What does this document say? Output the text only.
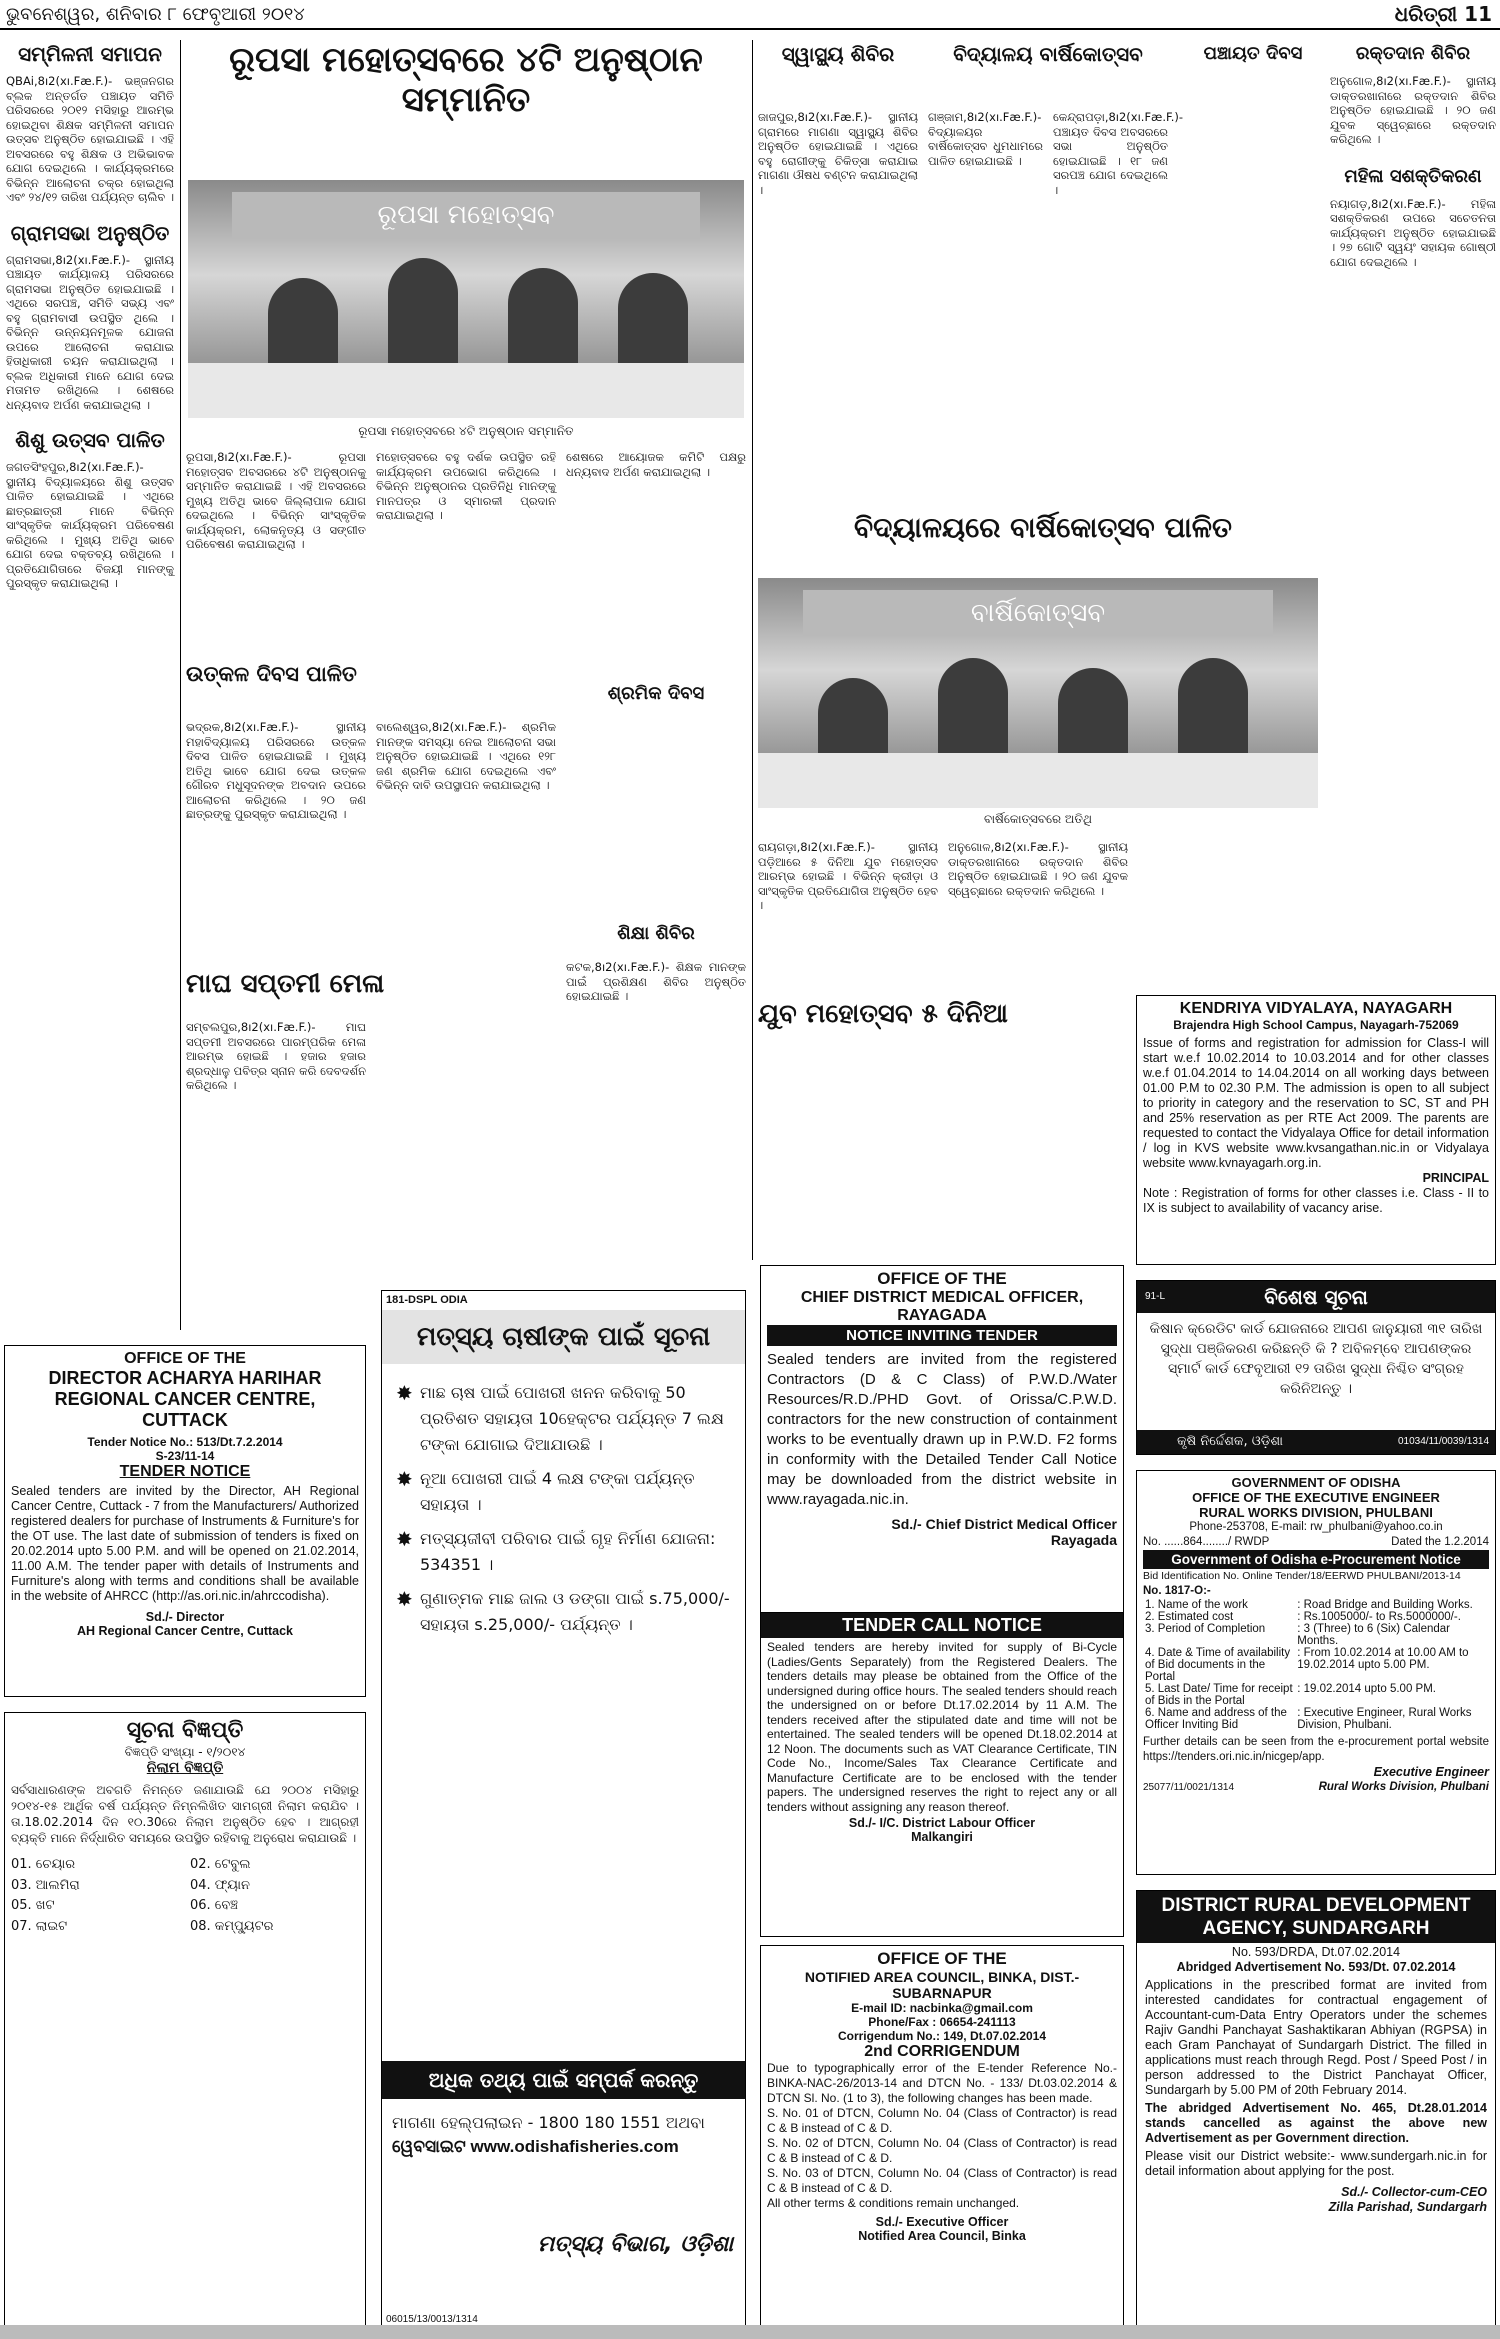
ଭୁବନେଶ୍ୱର, ଶନିବାର ୮ ଫେବୃଆରୀ ୨୦୧୪	ଧରିତ୍ରୀ 11
ସମ୍ମିଳନୀ ସମାପନ
QBAi,8ı2(xı.Fæ.F.)- ଭଞ୍ଜନଗର ବ୍ଲକ ଅନ୍ତର୍ଗତ ପଞ୍ଚାୟତ ସମିତି ପରିସରରେ ୨୦୧୨ ମସିହାରୁ ଆରମ୍ଭ ହୋଇଥିବା ଶିକ୍ଷକ ସମ୍ମିଳନୀ ସମାପନ ଉତ୍ସବ ଅନୁଷ୍ଠିତ ହୋଇଯାଇଛି । ଏହି ଅବସରରେ ବହୁ ଶିକ୍ଷକ ଓ ଅଭିଭାବକ ଯୋଗ ଦେଇଥିଲେ । କାର୍ଯ୍ୟକ୍ରମରେ ବିଭିନ୍ନ ଆଲୋଚନା ଚକ୍ର ହୋଇଥିଲା ଏବଂ ୨୪/୧୨ ତାରିଖ ପର୍ଯ୍ୟନ୍ତ ଚାଲିବ ।
ଗ୍ରାମସଭା ଅନୁଷ୍ଠିତ
ଗ୍ରାମସଭା,8ı2(xı.Fæ.F.)- ସ୍ଥାନୀୟ ପଞ୍ଚାୟତ କାର୍ଯ୍ୟାଳୟ ପରିସରରେ ଗ୍ରାମସଭା ଅନୁଷ୍ଠିତ ହୋଇଯାଇଛି । ଏଥିରେ ସରପଞ୍ଚ, ସମିତି ସଭ୍ୟ ଏବଂ ବହୁ ଗ୍ରାମବାସୀ ଉପସ୍ଥିତ ଥିଲେ । ବିଭିନ୍ନ ଉନ୍ନୟନମୂଳକ ଯୋଜନା ଉପରେ ଆଲୋଚନା କରାଯାଇ ହିତାଧିକାରୀ ଚୟନ କରାଯାଇଥିଲା । ବ୍ଲକ ଅଧିକାରୀ ମାନେ ଯୋଗ ଦେଇ ମତାମତ ରଖିଥିଲେ । ଶେଷରେ ଧନ୍ୟବାଦ ଅର୍ପଣ କରାଯାଇଥିଲା ।
ଶିଶୁ ଉତ୍ସବ ପାଳିତ
ଜଗତସିଂହପୁର,8ı2(xı.Fæ.F.)- ସ୍ଥାନୀୟ ବିଦ୍ୟାଳୟରେ ଶିଶୁ ଉତ୍ସବ ପାଳିତ ହୋଇଯାଇଛି । ଏଥିରେ ଛାତ୍ରଛାତ୍ରୀ ମାନେ ବିଭିନ୍ନ ସାଂସ୍କୃତିକ କାର୍ଯ୍ୟକ୍ରମ ପରିବେଷଣ କରିଥିଲେ । ମୁଖ୍ୟ ଅତିଥି ଭାବେ ଯୋଗ ଦେଇ ବକ୍ତବ୍ୟ ରଖିଥିଲେ । ପ୍ରତିଯୋଗିତାରେ ବିଜୟୀ ମାନଙ୍କୁ ପୁରସ୍କୃତ କରାଯାଇଥିଲା ।
ରୂପସା ମହୋତ୍ସବରେ ୪ଟି ଅନୁଷ୍ଠାନ ସମ୍ମାନିତ
ରୂପସା ମହୋତ୍ସବ
ରୂପସା ମହୋତ୍ସବରେ ୪ଟି ଅନୁଷ୍ଠାନ ସମ୍ମାନିତ
ରୂପସା,8ı2(xı.Fæ.F.)- ରୂପସା ମହୋତ୍ସବ ଅବସରରେ ୪ଟି ଅନୁଷ୍ଠାନକୁ ସମ୍ମାନିତ କରାଯାଇଛି । ଏହି ଅବସରରେ ମୁଖ୍ୟ ଅତିଥି ଭାବେ ଜିଲ୍ଲାପାଳ ଯୋଗ ଦେଇଥିଲେ । ବିଭିନ୍ନ ସାଂସ୍କୃତିକ କାର୍ଯ୍ୟକ୍ରମ, ଲୋକନୃତ୍ୟ ଓ ସଙ୍ଗୀତ ପରିବେଷଣ କରାଯାଇଥିଲା ।
ମହୋତ୍ସବରେ ବହୁ ଦର୍ଶକ ଉପସ୍ଥିତ ରହି କାର୍ଯ୍ୟକ୍ରମ ଉପଭୋଗ କରିଥିଲେ । ବିଭିନ୍ନ ଅନୁଷ୍ଠାନର ପ୍ରତିନିଧି ମାନଙ୍କୁ ମାନପତ୍ର ଓ ସ୍ମାରକୀ ପ୍ରଦାନ କରାଯାଇଥିଲା ।
ଶେଷରେ ଆୟୋଜକ କମିଟି ପକ୍ଷରୁ ଧନ୍ୟବାଦ ଅର୍ପଣ କରାଯାଇଥିଲା ।
ଉତ୍କଳ ଦିବସ ପାଳିତ
ଭଦ୍ରକ,8ı2(xı.Fæ.F.)- ସ୍ଥାନୀୟ ମହାବିଦ୍ୟାଳୟ ପରିସରରେ ଉତ୍କଳ ଦିବସ ପାଳିତ ହୋଇଯାଇଛି । ମୁଖ୍ୟ ଅତିଥି ଭାବେ ଯୋଗ ଦେଇ ଉତ୍କଳ ଗୌରବ ମଧୁସୂଦନଙ୍କ ଅବଦାନ ଉପରେ ଆଲୋଚନା କରିଥିଲେ । ୨୦ ଜଣ ଛାତ୍ରଙ୍କୁ ପୁରସ୍କୃତ କରାଯାଇଥିଲା ।
ବାଲେଶ୍ୱର,8ı2(xı.Fæ.F.)- ଶ୍ରମିକ ମାନଙ୍କ ସମସ୍ୟା ନେଇ ଆଲୋଚନା ସଭା ଅନୁଷ୍ଠିତ ହୋଇଯାଇଛି । ଏଥିରେ ୧୨୮ ଜଣ ଶ୍ରମିକ ଯୋଗ ଦେଇଥିଲେ ଏବଂ ବିଭିନ୍ନ ଦାବି ଉପସ୍ଥାପନ କରାଯାଇଥିଲା ।
ଶ୍ରମିକ ଦିବସ
ମାଘ ସପ୍ତମୀ ମେଳା
ସମ୍ବଲପୁର,8ı2(xı.Fæ.F.)- ମାଘ ସପ୍ତମୀ ଅବସରରେ ପାରମ୍ପରିକ ମେଳା ଆରମ୍ଭ ହୋଇଛି । ହଜାର ହଜାର ଶ୍ରଦ୍ଧାଳୁ ପବିତ୍ର ସ୍ନାନ କରି ଦେବଦର୍ଶନ କରିଥିଲେ ।
ଶିକ୍ଷା ଶିବିର
କଟକ,8ı2(xı.Fæ.F.)- ଶିକ୍ଷକ ମାନଙ୍କ ପାଇଁ ପ୍ରଶିକ୍ଷଣ ଶିବିର ଅନୁଷ୍ଠିତ ହୋଇଯାଇଛି ।
ସ୍ୱାସ୍ଥ୍ୟ ଶିବିର
ଜାଜପୁର,8ı2(xı.Fæ.F.)- ସ୍ଥାନୀୟ ଗ୍ରାମରେ ମାଗଣା ସ୍ୱାସ୍ଥ୍ୟ ଶିବିର ଅନୁଷ୍ଠିତ ହୋଇଯାଇଛି । ଏଥିରେ ବହୁ ରୋଗୀଙ୍କୁ ଚିକିତ୍ସା କରାଯାଇ ମାଗଣା ଔଷଧ ବଣ୍ଟନ କରାଯାଇଥିଲା ।
ବିଦ୍ୟାଳୟ ବାର୍ଷିକୋତ୍ସବ
ଗଞ୍ଜାମ,8ı2(xı.Fæ.F.)- ବିଦ୍ୟାଳୟର ବାର୍ଷିକୋତ୍ସବ ଧୁମଧାମରେ ପାଳିତ ହୋଇଯାଇଛି ।
କେନ୍ଦ୍ରାପଡ଼ା,8ı2(xı.Fæ.F.)- ପଞ୍ଚାୟତ ଦିବସ ଅବସରରେ ସଭା ଅନୁଷ୍ଠିତ ହୋଇଯାଇଛି । ୧୮ ଜଣ ସରପଞ୍ଚ ଯୋଗ ଦେଇଥିଲେ ।
ପଞ୍ଚାୟତ ଦିବସ
ବିଦ୍ୟାଳୟରେ ବାର୍ଷିକୋତ୍ସବ ପାଳିତ
ବାର୍ଷିକୋତ୍ସବ
ବାର୍ଷିକୋତ୍ସବରେ ଅତିଥି
ରାୟଗଡ଼ା,8ı2(xı.Fæ.F.)- ସ୍ଥାନୀୟ ପଡ଼ିଆରେ ୫ ଦିନିଆ ଯୁବ ମହୋତ୍ସବ ଆରମ୍ଭ ହୋଇଛି । ବିଭିନ୍ନ କ୍ରୀଡ଼ା ଓ ସାଂସ୍କୃତିକ ପ୍ରତିଯୋଗିତା ଅନୁଷ୍ଠିତ ହେବ ।
ଅନୁଗୋଳ,8ı2(xı.Fæ.F.)- ସ୍ଥାନୀୟ ଡାକ୍ତରଖାନାରେ ରକ୍ତଦାନ ଶିବିର ଅନୁଷ୍ଠିତ ହୋଇଯାଇଛି । ୨୦ ଜଣ ଯୁବକ ସ୍ୱେଚ୍ଛାରେ ରକ୍ତଦାନ କରିଥିଲେ ।
ଯୁବ ମହୋତ୍ସବ ୫ ଦିନିଆ
ରକ୍ତଦାନ ଶିବିର
ଅନୁଗୋଳ,8ı2(xı.Fæ.F.)- ସ୍ଥାନୀୟ ଡାକ୍ତରଖାନାରେ ରକ୍ତଦାନ ଶିବିର ଅନୁଷ୍ଠିତ ହୋଇଯାଇଛି । ୨୦ ଜଣ ଯୁବକ ସ୍ୱେଚ୍ଛାରେ ରକ୍ତଦାନ କରିଥିଲେ ।
ମହିଳା ସଶକ୍ତିକରଣ
ନୟାଗଡ଼,8ı2(xı.Fæ.F.)- ମହିଳା ସଶକ୍ତିକରଣ ଉପରେ ସଚେତନତା କାର୍ଯ୍ୟକ୍ରମ ଅନୁଷ୍ଠିତ ହୋଇଯାଇଛି । ୨୭ ଗୋଟି ସ୍ୱୟଂ ସହାୟକ ଗୋଷ୍ଠୀ ଯୋଗ ଦେଇଥିଲେ ।
KENDRIYA VIDYALAYA, NAYAGARH
Brajendra High School Campus, Nayagarh-752069
Issue of forms and registration for admission for Class-I will start w.e.f 10.02.2014 to 10.03.2014 and for other classes w.e.f 01.04.2014 to 14.04.2014 on all working days between 01.00 P.M to 02.30 P.M. The admission is open to all subject to priority in category and the reservation to SC, ST and PH and 25% reservation as per RTE Act 2009. The parents are requested to contact the Vidyalaya Office for detail information / log in KVS website www.kvsangathan.nic.in or Vidyalaya website www.kvnayagarh.org.in.
PRINCIPAL
Note : Registration of forms for other classes i.e. Class - II to IX is subject to availability of vacancy arise.
91-L	ବିଶେଷ ସୂଚନା
କିଷାନ କ୍ରେଡିଟ କାର୍ଡ ଯୋଜନାରେ ଆପଣ ଜାନୁୟାରୀ ୩୧ ତାରିଖ ସୁଦ୍ଧା ପଞ୍ଜିକରଣ କରିଛନ୍ତି କି ? ଅବିଳମ୍ବେ ଆପଣଙ୍କର ସ୍ମାର୍ଟ କାର୍ଡ ଫେବୃଆରୀ ୧୨ ତାରିଖ ସୁଦ୍ଧା ନିଶ୍ଚିତ ସଂଗ୍ରହ କରିନିଅନ୍ତୁ ।
କୃଷି ନିର୍ଦ୍ଦେଶକ, ଓଡ଼ିଶା	01034/11/0039/1314
GOVERNMENT OF ODISHA
OFFICE OF THE EXECUTIVE ENGINEER
RURAL WORKS DIVISION, PHULBANI
Phone-253708, E-mail: rw_phulbani@yahoo.co.in
No. ......864......../ RWDP	Dated the 1.2.2014
Government of Odisha e-Procurement Notice
Bid Identification No. Online Tender/18/EERWD PHULBANI/2013-14
No. 1817-O:-
1. Name of the work	: Road Bridge and Building Works.
2. Estimated cost	: Rs.1005000/- to Rs.5000000/-.
3. Period of Completion	: 3 (Three) to 6 (Six) Calendar Months.
4. Date & Time of availability of Bid documents in the Portal	: From 10.02.2014 at 10.00 AM to 19.02.2014 upto 5.00 PM.
5. Last Date/ Time for receipt of Bids in the Portal	: 19.02.2014 upto 5.00 PM.
6. Name and address of the Officer Inviting Bid	: Executive Engineer, Rural Works Division, Phulbani.
Further details can be seen from the e-procurement portal website https://tenders.ori.nic.in/nicgep/app.
Executive Engineer
25077/11/0021/1314	Rural Works Division, Phulbani
DISTRICT RURAL DEVELOPMENT AGENCY, SUNDARGARH
No. 593/DRDA, Dt.07.02.2014
Abridged Advertisement No. 593/Dt. 07.02.2014
Applications in the prescribed format are invited from interested candidates for contractual engagement of Accountant-cum-Data Entry Operators under the schemes Rajiv Gandhi Panchayat Sashaktikaran Abhiyan (RGPSA) in each Gram Panchayat of Sundargarh District. The filled in applications must reach through Regd. Post / Speed Post / in person addressed to the District Panchayat Officer, Sundargarh by 5.00 PM of 20th February 2014.
The abridged Advertisement No. 465, Dt.28.01.2014 stands cancelled as against the above new Advertisement as per Government direction.
Please visit our District website:- www.sundergarh.nic.in for detail information about applying for the post.
Sd./- Collector-cum-CEO
Zilla Parishad, Sundargarh
OFFICE OF THE
DIRECTOR ACHARYA HARIHAR
REGIONAL CANCER CENTRE, CUTTACK
Tender Notice No.: 513/Dt.7.2.2014
S-23/11-14
TENDER NOTICE
Sealed tenders are invited by the Director, AH Regional Cancer Centre, Cuttack - 7 from the Manufacturers/ Authorized registered dealers for purchase of Instruments & Furniture's for the OT use. The last date of submission of tenders is fixed on 20.02.2014 upto 5.00 P.M. and will be opened on 21.02.2014, 11.00 A.M. The tender paper with details of Instruments and Furniture's along with terms and conditions shall be available in the website of AHRCC (http://as.ori.nic.in/ahrccodisha).
Sd./- Director
AH Regional Cancer Centre, Cuttack
ସୂଚନା ବିଜ୍ଞପ୍ତି
ବିଜ୍ଞପ୍ତି ସଂଖ୍ୟା - ୧/୨୦୧୪
ନିଲାମ ବିଜ୍ଞପ୍ତି
ସର୍ବସାଧାରଣଙ୍କ ଅବଗତି ନିମନ୍ତେ ଜଣାଯାଉଛି ଯେ ୨୦୦୪ ମସିହାରୁ ୨୦୧୪-୧୫ ଆର୍ଥିକ ବର୍ଷ ପର୍ଯ୍ୟନ୍ତ ନିମ୍ନଲିଖିତ ସାମଗ୍ରୀ ନିଲାମ କରାଯିବ । ତା.18.02.2014 ଦିନ ୧୦.30ରେ ନିଲାମ ଅନୁଷ୍ଠିତ ହେବ । ଆଗ୍ରହୀ ବ୍ୟକ୍ତି ମାନେ ନିର୍ଦ୍ଧାରିତ ସମୟରେ ଉପସ୍ଥିତ ରହିବାକୁ ଅନୁରୋଧ କରାଯାଉଛି ।
01. ଚେୟାର	02. ଟେବୁଲ
03. ଆଲମିରା	04. ଫ୍ୟାନ
05. ଖଟ	06. ବେଞ୍ଚ
07. ଲାଇଟ	08. କମ୍ପ୍ୟୁଟର
181-DSPL ODIA
ମତ୍ସ୍ୟ ଚାଷୀଙ୍କ ପାଇଁ ସୂଚନା
✸ ମାଛ ଚାଷ ପାଇଁ ପୋଖରୀ ଖନନ କରିବାକୁ 50 ପ୍ରତିଶତ ସହାୟତା 10ହେକ୍ଟର ପର୍ଯ୍ୟନ୍ତ 7 ଲକ୍ଷ ଟଙ୍କା ଯୋଗାଇ ଦିଆଯାଉଛି ।
✸ ନୂଆ ପୋଖରୀ ପାଇଁ 4 ଲକ୍ଷ ଟଙ୍କା ପର୍ଯ୍ୟନ୍ତ ସହାୟତା ।
✸ ମତ୍ସ୍ୟଜୀବୀ ପରିବାର ପାଇଁ ଗୃହ ନିର୍ମାଣ ଯୋଜନା: 534351 ।
✸ ଗୁଣାତ୍ମକ ମାଛ ଜାଲ ଓ ଡଙ୍ଗା ପାଇଁ s.75,000/- ସହାୟତା s.25,000/- ପର୍ଯ୍ୟନ୍ତ ।
ଅଧିକ ତଥ୍ୟ ପାଇଁ ସମ୍ପର୍କ କରନ୍ତୁ
ମାଗଣା ହେଲ୍ପଲାଇନ - 1800 180 1551 ଅଥବା
ୱେବସାଇଟ www.odishafisheries.com
ମତ୍ସ୍ୟ ବିଭାଗ, ଓଡ଼ିଶା
06015/13/0013/1314
OFFICE OF THE
CHIEF DISTRICT MEDICAL OFFICER, RAYAGADA
NOTICE INVITING TENDER
Sealed tenders are invited from the registered Contractors (D & C Class) of P.W.D./Water Resources/R.D./PHD Govt. of Orissa/C.P.W.D. contractors for the new construction of containment works to be eventually drawn up in P.W.D. F2 forms in conformity with the Detailed Tender Call Notice may be downloaded from the district website in www.rayagada.nic.in.
Sd./- Chief District Medical Officer
Rayagada
TENDER CALL NOTICE
Sealed tenders are hereby invited for supply of Bi-Cycle (Ladies/Gents Separately) from the Registered Dealers. The tenders details may please be obtained from the Office of the undersigned during office hours. The sealed tenders should reach the undersigned on or before Dt.17.02.2014 by 11 A.M. The tenders received after the stipulated date and time will not be entertained. The sealed tenders will be opened Dt.18.02.2014 at 12 Noon. The documents such as VAT Clearance Certificate, TIN Code No., Income/Sales Tax Clearance Certificate and Manufacture Certificate are to be enclosed with the tender papers. The undersigned reserves the right to reject any or all tenders without assigning any reason thereof.
Sd./- I/C. District Labour Officer
Malkangiri
OFFICE OF THE
NOTIFIED AREA COUNCIL, BINKA, DIST.- SUBARNAPUR
E-mail ID: nacbinka@gmail.com
Phone/Fax : 06654-241113
Corrigendum No.: 149, Dt.07.02.2014
2nd CORRIGENDUM
Due to typographically error of the E-tender Reference No.- BINKA-NAC-26/2013-14 and DTCN No. - 133/ Dt.03.02.2014 & DTCN Sl. No. (1 to 3), the following changes has been made.
S. No. 01 of DTCN, Column No. 04 (Class of Contractor) is read C & B instead of C & D.
S. No. 02 of DTCN, Column No. 04 (Class of Contractor) is read C & B instead of C & D.
S. No. 03 of DTCN, Column No. 04 (Class of Contractor) is read C & B instead of C & D.
All other terms & conditions remain unchanged.
Sd./- Executive Officer
Notified Area Council, Binka
